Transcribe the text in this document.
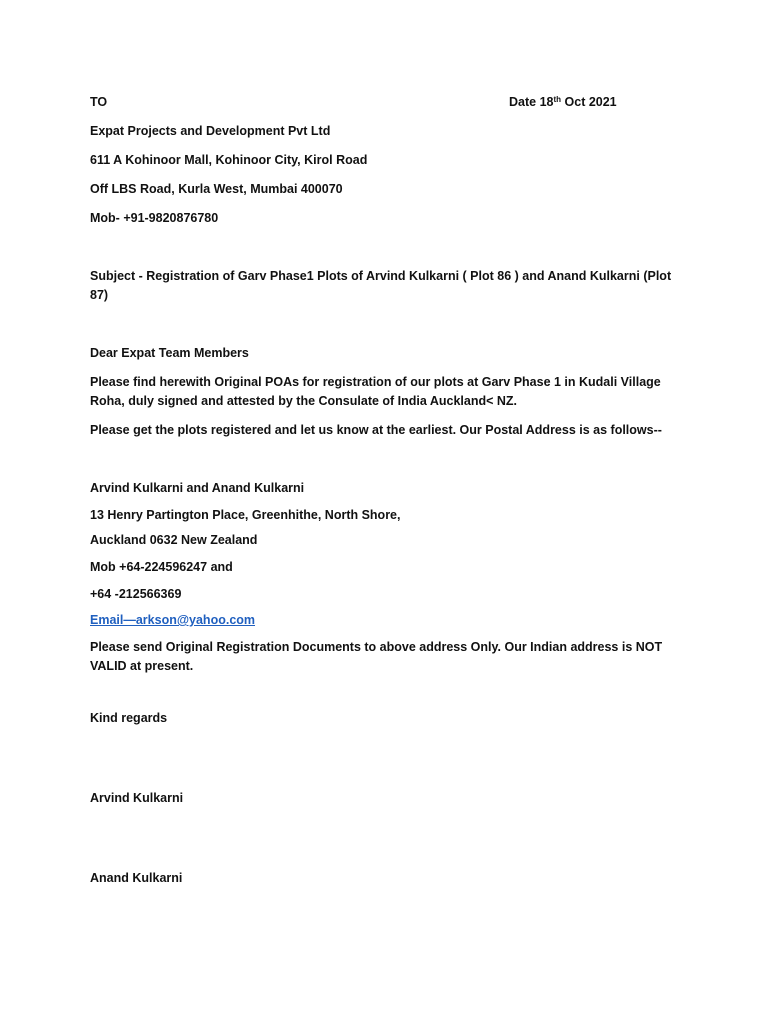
TO	Date 18th Oct 2021
Expat Projects and Development Pvt Ltd
611 A Kohinoor Mall, Kohinoor City, Kirol Road
Off LBS Road, Kurla West, Mumbai 400070
Mob- +91-9820876780
Subject - Registration of Garv Phase1 Plots of Arvind Kulkarni ( Plot 86 ) and Anand Kulkarni (Plot 87)
Dear Expat Team Members
Please find herewith Original POAs for registration of our plots at Garv Phase 1 in Kudali Village Roha, duly signed and attested by the Consulate of India Auckland< NZ.
Please get the plots registered and let us know at the earliest. Our Postal Address is as follows--
Arvind Kulkarni and Anand Kulkarni
13 Henry Partington Place, Greenhithe, North Shore,
Auckland 0632 New Zealand
Mob +64-224596247 and
+64 -212566369
Email—arkson@yahoo.com
Please send Original Registration Documents to above address Only. Our Indian address is NOT VALID at present.
Kind regards
Arvind Kulkarni
Anand Kulkarni
